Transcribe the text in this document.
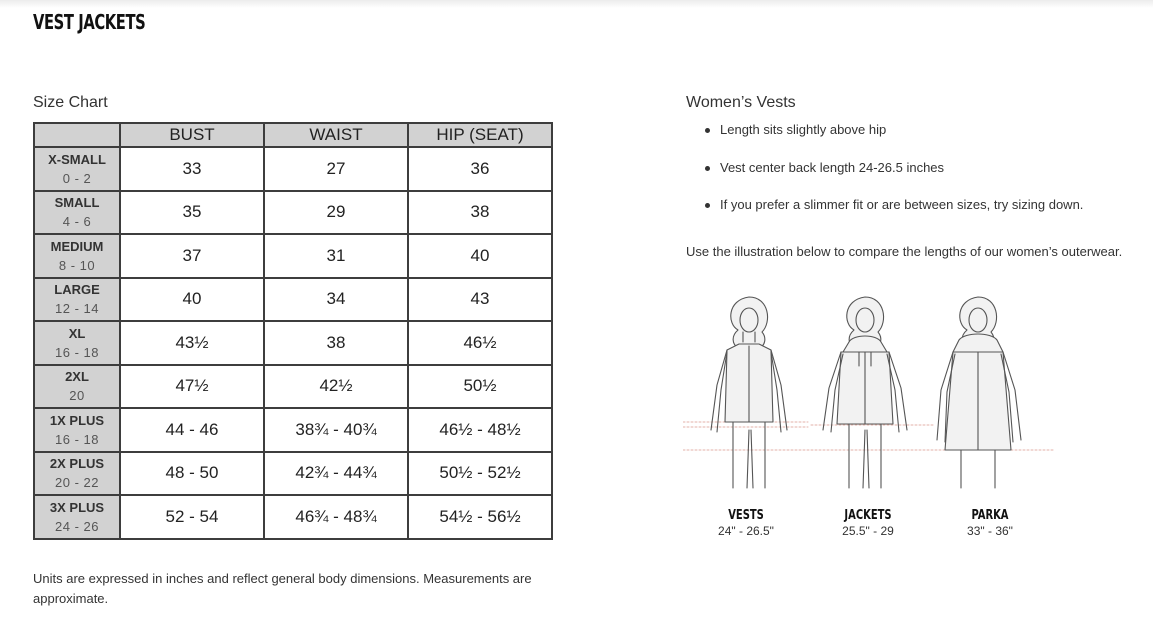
VEST JACKETS
Size Chart
	BUST	WAIST	HIP (SEAT)

X-SMALL
0 - 2	33	27	36

SMALL
4 - 6	35	29	38

MEDIUM
8 - 10	37	31	40

LARGE
12 - 14	40	34	43

XL
16 - 18	43½	38	46½

2XL
20	47½	42½	50½

1X PLUS
16 - 18	44 - 46	38¾ - 40¾	46½ - 48½

2X PLUS
20 - 22	48 - 50	42¾ - 44¾	50½ - 52½

3X PLUS
24 - 26	52 - 54	46¾ - 48¾	54½ - 56½

Units are expressed in inches and reflect general body dimensions. Measurements are approximate.

Women’s Vests
Length sits slightly above hip
Vest center back length 24-26.5 inches
If you prefer a slimmer fit or are between sizes, try sizing down.

Use the illustration below to compare the lengths of our women’s outerwear.

VESTS
24" - 26.5"
JACKETS
25.5" - 29
PARKA
33" - 36"
